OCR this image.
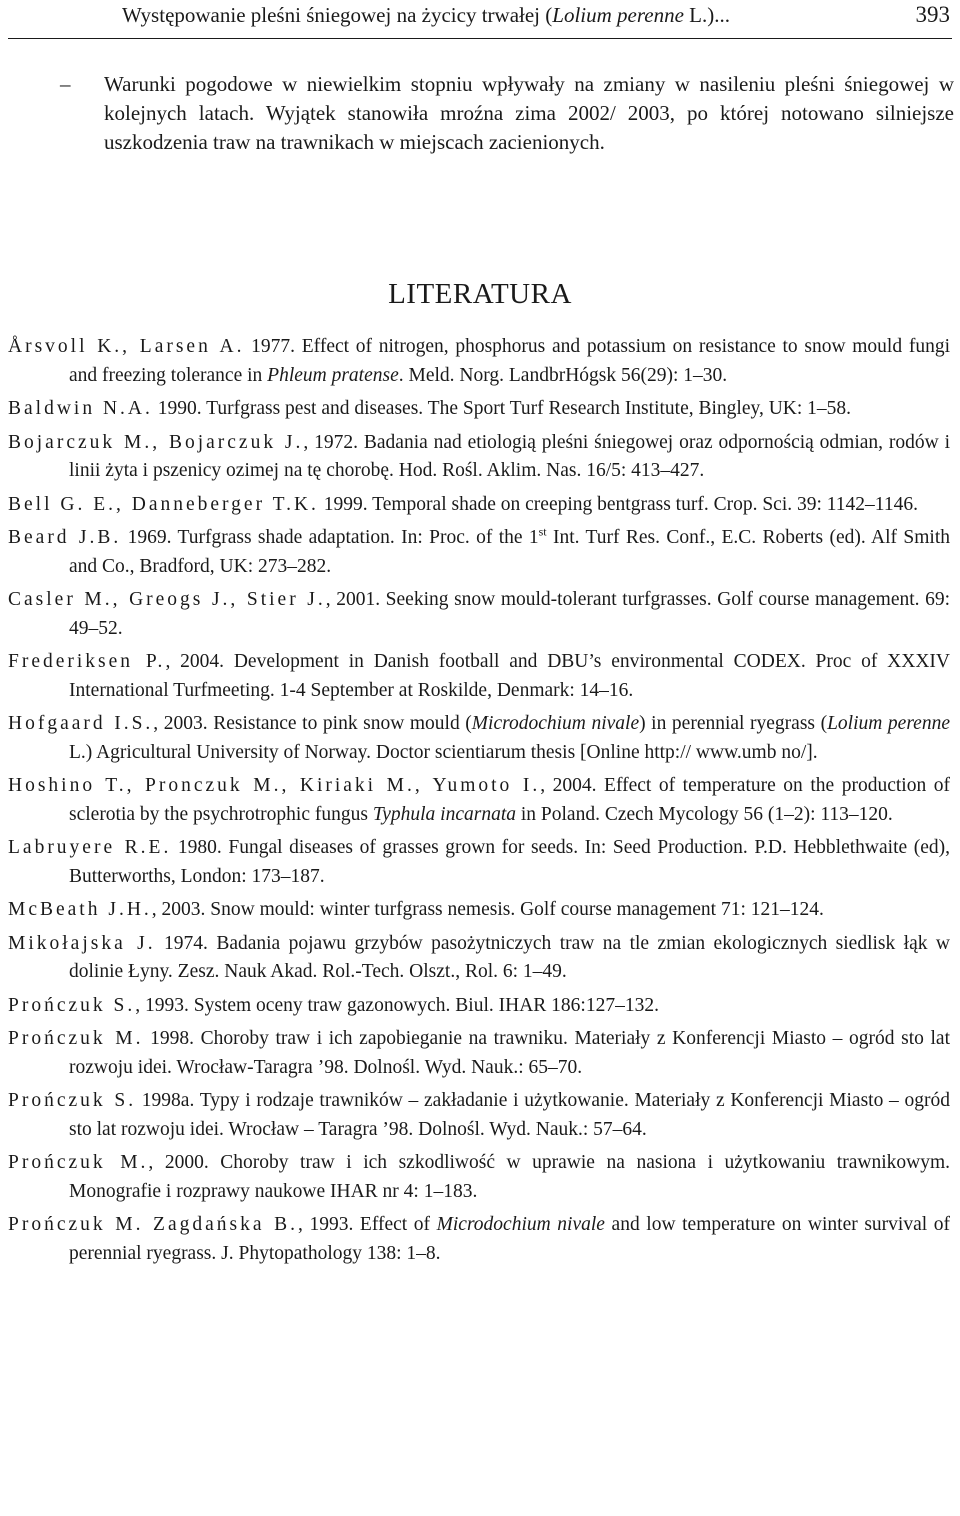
Występowanie pleśni śniegowej na życicy trwałej (Lolium perenne L.)...	393
– Warunki pogodowe w niewielkim stopniu wpływały na zmiany w nasileniu pleśni śniegowej w kolejnych latach. Wyjątek stanowiła mroźna zima 2002/ 2003, po której notowano silniejsze uszkodzenia traw na trawnikach w miejscach zacienionych.
LITERATURA

Årsvoll K., Larsen A. 1977. Effect of nitrogen, phosphorus and potassium on resistance to snow mould fungi and freezing tolerance in Phleum pratense. Meld. Norg. LandbrHógsk 56(29): 1–30.

Baldwin N.A. 1990. Turfgrass pest and diseases. The Sport Turf Research Institute, Bingley, UK: 1–58.

Bojarczuk M., Bojarczuk J., 1972. Badania nad etiologią pleśni śniegowej oraz odpornością odmian, rodów i linii żyta i pszenicy ozimej na tę chorobę. Hod. Rośl. Aklim. Nas. 16/5: 413–427.

Bell G. E., Danneberger T.K. 1999. Temporal shade on creeping bentgrass turf. Crop. Sci. 39: 1142–1146.

Beard J.B. 1969. Turfgrass shade adaptation. In: Proc. of the 1st Int. Turf Res. Conf., E.C. Roberts (ed). Alf Smith and Co., Bradford, UK: 273–282.

Casler M., Greogs J., Stier J., 2001. Seeking snow mould-tolerant turfgrasses. Golf course management. 69: 49–52.

Frederiksen P., 2004. Development in Danish football and DBU’s environmental CODEX. Proc of XXXIV International Turfmeeting. 1-4 September at Roskilde, Denmark: 14–16.

Hofgaard I.S., 2003. Resistance to pink snow mould (Microdochium nivale) in perennial ryegrass (Lolium perenne L.) Agricultural University of Norway. Doctor scientiarum thesis [Online http:// www.umb no/].

Hoshino T., Pronczuk M., Kiriaki M., Yumoto I., 2004. Effect of temperature on the production of sclerotia by the psychrotrophic fungus Typhula incarnata in Poland. Czech Mycology 56 (1–2): 113–120.

Labruyere R.E. 1980. Fungal diseases of grasses grown for seeds. In: Seed Production. P.D. Hebblethwaite (ed), Butterworths, London: 173–187.

McBeath J.H., 2003. Snow mould: winter turfgrass nemesis. Golf course management 71: 121–124.

Mikołajska J. 1974. Badania pojawu grzybów pasożytniczych traw na tle zmian ekologicznych siedlisk łąk w dolinie Łyny. Zesz. Nauk Akad. Rol.-Tech. Olszt., Rol. 6: 1–49.

Prończuk S., 1993. System oceny traw gazonowych. Biul. IHAR 186:127–132.

Prończuk M. 1998. Choroby traw i ich zapobieganie na trawniku. Materiały z Konferencji Miasto – ogród sto lat rozwoju idei. Wrocław-Taragra ’98. Dolnośl. Wyd. Nauk.: 65–70.

Prończuk S. 1998a. Typy i rodzaje trawników – zakładanie i użytkowanie. Materiały z Konferencji Miasto – ogród sto lat rozwoju idei. Wrocław – Taragra ’98. Dolnośl. Wyd. Nauk.: 57–64.

Prończuk M., 2000. Choroby traw i ich szkodliwość w uprawie na nasiona i użytkowaniu trawnikowym. Monografie i rozprawy naukowe IHAR nr 4: 1–183.

Prończuk M. Zagdańska B., 1993. Effect of Microdochium nivale and low temperature on winter survival of perennial ryegrass. J. Phytopathology 138: 1–8.
